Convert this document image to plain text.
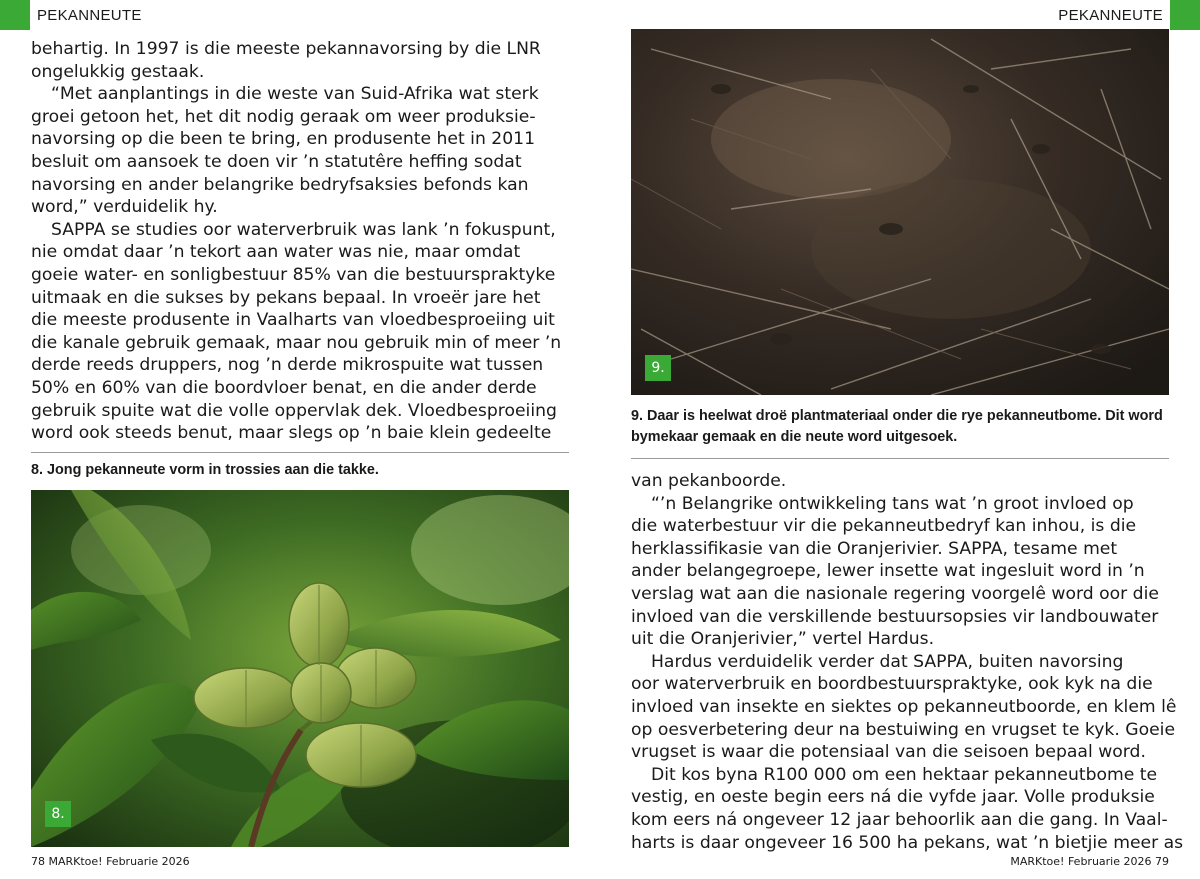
PEKANNEUTE
behartig. In 1997 is die meeste pekannavorsing by die LNR
ongelukkig gestaak.
“Met aanplantings in die weste van Suid-Afrika wat sterk
groei getoon het, het dit nodig geraak om weer produksie-
navorsing op die been te bring, en produsente het in 2011
besluit om aansoek te doen vir ’n statutêre heffing sodat
navorsing en ander belangrike bedryfsaksies befonds kan
word,” verduidelik hy.
SAPPA se studies oor waterverbruik was lank ’n fokuspunt,
nie omdat daar ’n tekort aan water was nie, maar omdat
goeie water- en sonligbestuur 85% van die bestuurspraktyke
uitmaak en die sukses by pekans bepaal. In vroeër jare het
die meeste produsente in Vaalharts van vloedbesproeiing uit
die kanale gebruik gemaak, maar nou gebruik min of meer ’n
derde reeds druppers, nog ’n derde mikrospuite wat tussen
50% en 60% van die boordvloer benat, en die ander derde
gebruik spuite wat die volle oppervlak dek. Vloedbesproeiing
word ook steeds benut, maar slegs op ’n baie klein gedeelte
8. Jong pekanneute vorm in trossies aan die takke.
8.
78 MARKtoe! Februarie 2026
PEKANNEUTE
9.
9. Daar is heelwat droë plantmateriaal onder die rye pekanneutbome. Dit word
bymekaar gemaak en die neute word uitgesoek.
van pekanboorde.
“’n Belangrike ontwikkeling tans wat ’n groot invloed op
die waterbestuur vir die pekanneutbedryf kan inhou, is die
herklassifikasie van die Oranjerivier. SAPPA, tesame met
ander belangegroepe, lewer insette wat ingesluit word in ’n
verslag wat aan die nasionale regering voorgelê word oor die
invloed van die verskillende bestuursopsies vir landbouwater
uit die Oranjerivier,” vertel Hardus.
Hardus verduidelik verder dat SAPPA, buiten navorsing
oor waterverbruik en boordbestuurspraktyke, ook kyk na die
invloed van insekte en siektes op pekanneutboorde, en klem lê
op oesverbetering deur na bestuiwing en vrugset te kyk. Goeie
vrugset is waar die potensiaal van die seisoen bepaal word.
Dit kos byna R100 000 om een hektaar pekanneutbome te
vestig, en oeste begin eers ná die vyfde jaar. Volle produksie
kom eers ná ongeveer 12 jaar behoorlik aan die gang. In Vaal-
harts is daar ongeveer 16 500 ha pekans, wat ’n bietjie meer as
MARKtoe! Februarie 2026 79
